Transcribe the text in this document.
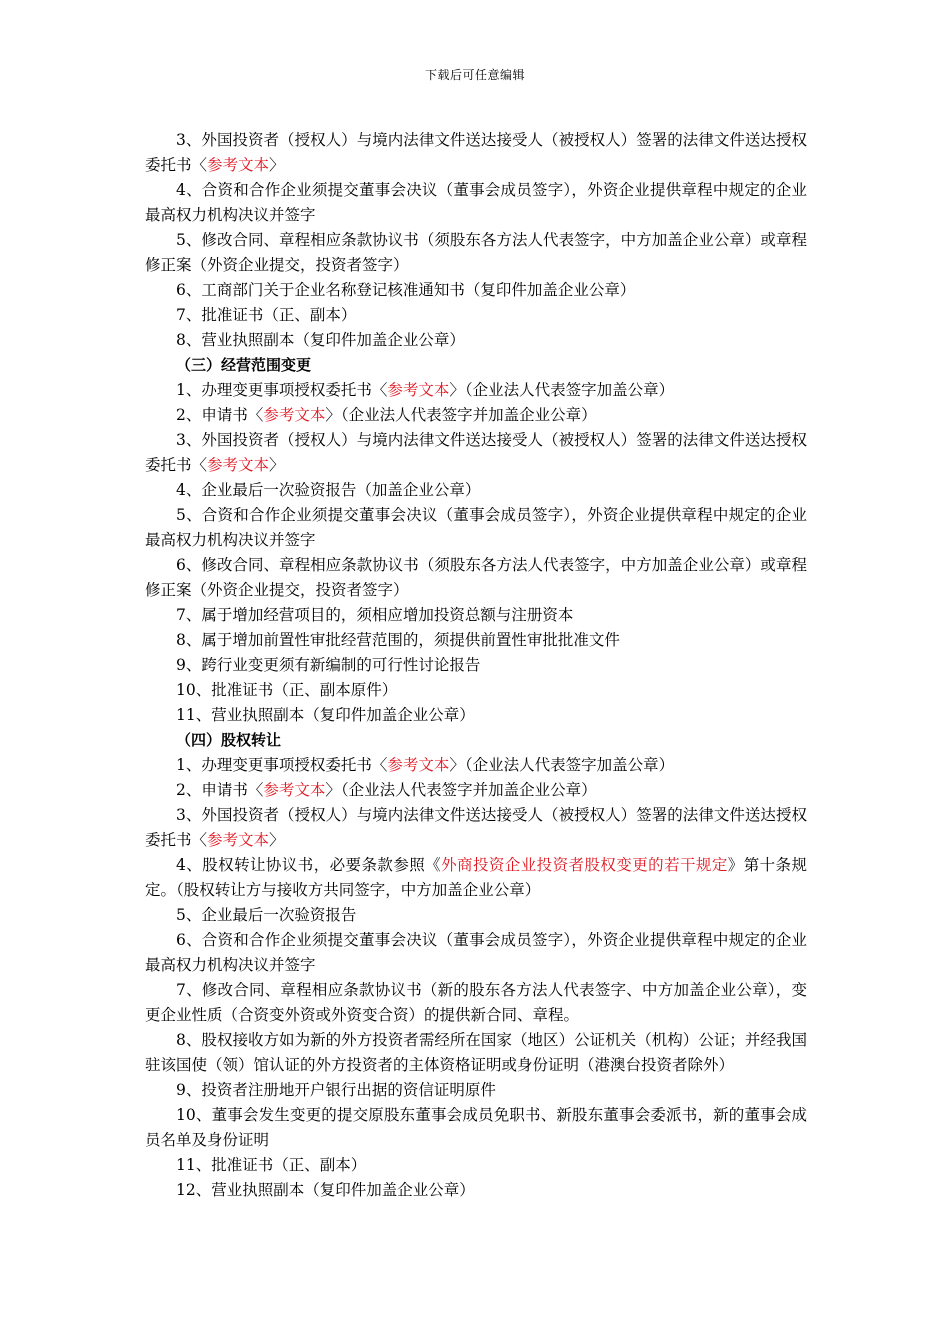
下载后可任意编辑

3、外国投资者（授权人）与境内法律文件送达接受人（被授权人）签署的法律文件送达授权委托书〈参考文本〉

4、合资和合作企业须提交董事会决议（董事会成员签字），外资企业提供章程中规定的企业最高权力机构决议并签字

5、修改合同、章程相应条款协议书（须股东各方法人代表签字，中方加盖企业公章）或章程修正案（外资企业提交，投资者签字）

6、工商部门关于企业名称登记核准通知书（复印件加盖企业公章）

7、批准证书（正、副本）

8、营业执照副本（复印件加盖企业公章）

（三）经营范围变更

1、办理变更事项授权委托书〈参考文本〉（企业法人代表签字加盖公章）

2、申请书〈参考文本〉（企业法人代表签字并加盖企业公章）

3、外国投资者（授权人）与境内法律文件送达接受人（被授权人）签署的法律文件送达授权委托书〈参考文本〉

4、企业最后一次验资报告（加盖企业公章）

5、合资和合作企业须提交董事会决议（董事会成员签字），外资企业提供章程中规定的企业最高权力机构决议并签字

6、修改合同、章程相应条款协议书（须股东各方法人代表签字，中方加盖企业公章）或章程修正案（外资企业提交，投资者签字）

7、属于增加经营项目的，须相应增加投资总额与注册资本

8、属于增加前置性审批经营范围的，须提供前置性审批批准文件

9、跨行业变更须有新编制的可行性讨论报告

10、批准证书（正、副本原件）

11、营业执照副本（复印件加盖企业公章）

（四）股权转让

1、办理变更事项授权委托书〈参考文本〉（企业法人代表签字加盖公章）

2、申请书〈参考文本〉（企业法人代表签字并加盖企业公章）

3、外国投资者（授权人）与境内法律文件送达接受人（被授权人）签署的法律文件送达授权委托书〈参考文本〉

4、股权转让协议书，必要条款参照《外商投资企业投资者股权变更的若干规定》第十条规定。（股权转让方与接收方共同签字，中方加盖企业公章）

5、企业最后一次验资报告

6、合资和合作企业须提交董事会决议（董事会成员签字），外资企业提供章程中规定的企业最高权力机构决议并签字

7、修改合同、章程相应条款协议书（新的股东各方法人代表签字、中方加盖企业公章），变更企业性质（合资变外资或外资变合资）的提供新合同、章程。

8、股权接收方如为新的外方投资者需经所在国家（地区）公证机关（机构）公证；并经我国驻该国使（领）馆认证的外方投资者的主体资格证明或身份证明（港澳台投资者除外）

9、投资者注册地开户银行出据的资信证明原件

10、董事会发生变更的提交原股东董事会成员免职书、新股东董事会委派书，新的董事会成员名单及身份证明

11、批准证书（正、副本）

12、营业执照副本（复印件加盖企业公章）
